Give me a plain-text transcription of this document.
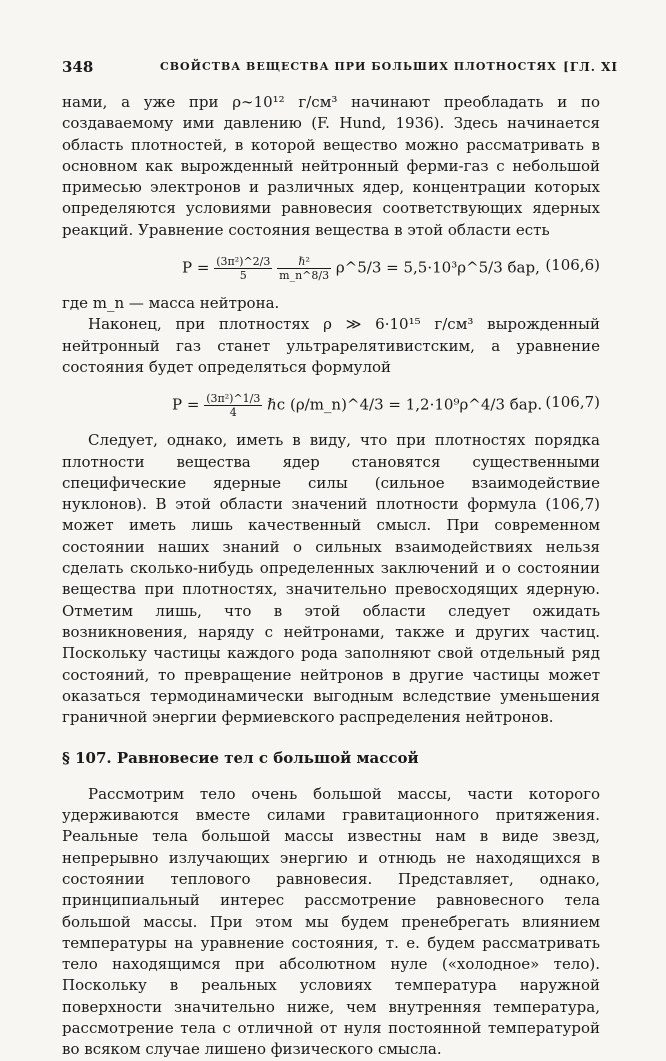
348	СВОЙСТВА ВЕЩЕСТВА ПРИ БОЛЬШИХ ПЛОТНОСТЯХ [ГЛ. XI

нами, а уже при ρ∼10¹² г/см³ начинают преобладать и по создаваемому ими давлению (F. Hund, 1936). Здесь начинается область плотностей, в которой вещество можно рассматривать в основном как вырожденный нейтронный ферми-газ с небольшой примесью электронов и различных ядер, концентрации которых определяются условиями равновесия соответствующих ядерных реакций. Уравнение состояния вещества в этой области есть

$P = \frac{\text{(3π²)\textasciicircum{}2/3}}{5}$
$\frac{\text{ℏ²}}{m\_n\^{}8/3}$ ρ^5/3 = 5,5·10³ρ^5/3 бар, (106,6)

где m_n — масса нейтрона.

Наконец, при плотностях ρ ≫ 6·10¹⁵ г/см³ вырожденный нейтронный газ станет ультрарелятивистским, а уравнение состояния будет определяться формулой

$P = \frac{\text{(3π²)\textasciicircum{}1/3}}{4}$ ℏc (ρ/m_n)^4/3 = 1,2·10⁹ρ^4/3 бар. (106,7)

Следует, однако, иметь в виду, что при плотностях порядка плотности вещества ядер становятся существенными специфические ядерные силы (сильное взаимодействие нуклонов). В этой области значений плотности формула (106,7) может иметь лишь качественный смысл. При современном состоянии наших знаний о сильных взаимодействиях нельзя сделать сколько-нибудь определенных заключений и о состоянии вещества при плотностях, значительно превосходящих ядерную. Отметим лишь, что в этой области следует ожидать возникновения, наряду с нейтронами, также и других частиц. Поскольку частицы каждого рода заполняют свой отдельный ряд состояний, то превращение нейтронов в другие частицы может оказаться термодинамически выгодным вследствие уменьшения граничной энергии фермиевского распределения нейтронов.

§ 107. Равновесие тел с большой массой

Рассмотрим тело очень большой массы, части которого удерживаются вместе силами гравитационного притяжения. Реальные тела большой массы известны нам в виде звезд, непрерывно излучающих энергию и отнюдь не находящихся в состоянии теплового равновесия. Представляет, однако, принципиальный интерес рассмотрение равновесного тела большой массы. При этом мы будем пренебрегать влиянием температуры на уравнение состояния, т. е. будем рассматривать тело находящимся при абсолютном нуле («холодное» тело). Поскольку в реальных условиях температура наружной поверхности значительно ниже, чем внутренняя температура, рассмотрение тела с отличной от нуля постоянной температурой во всяком случае лишено физического смысла.
